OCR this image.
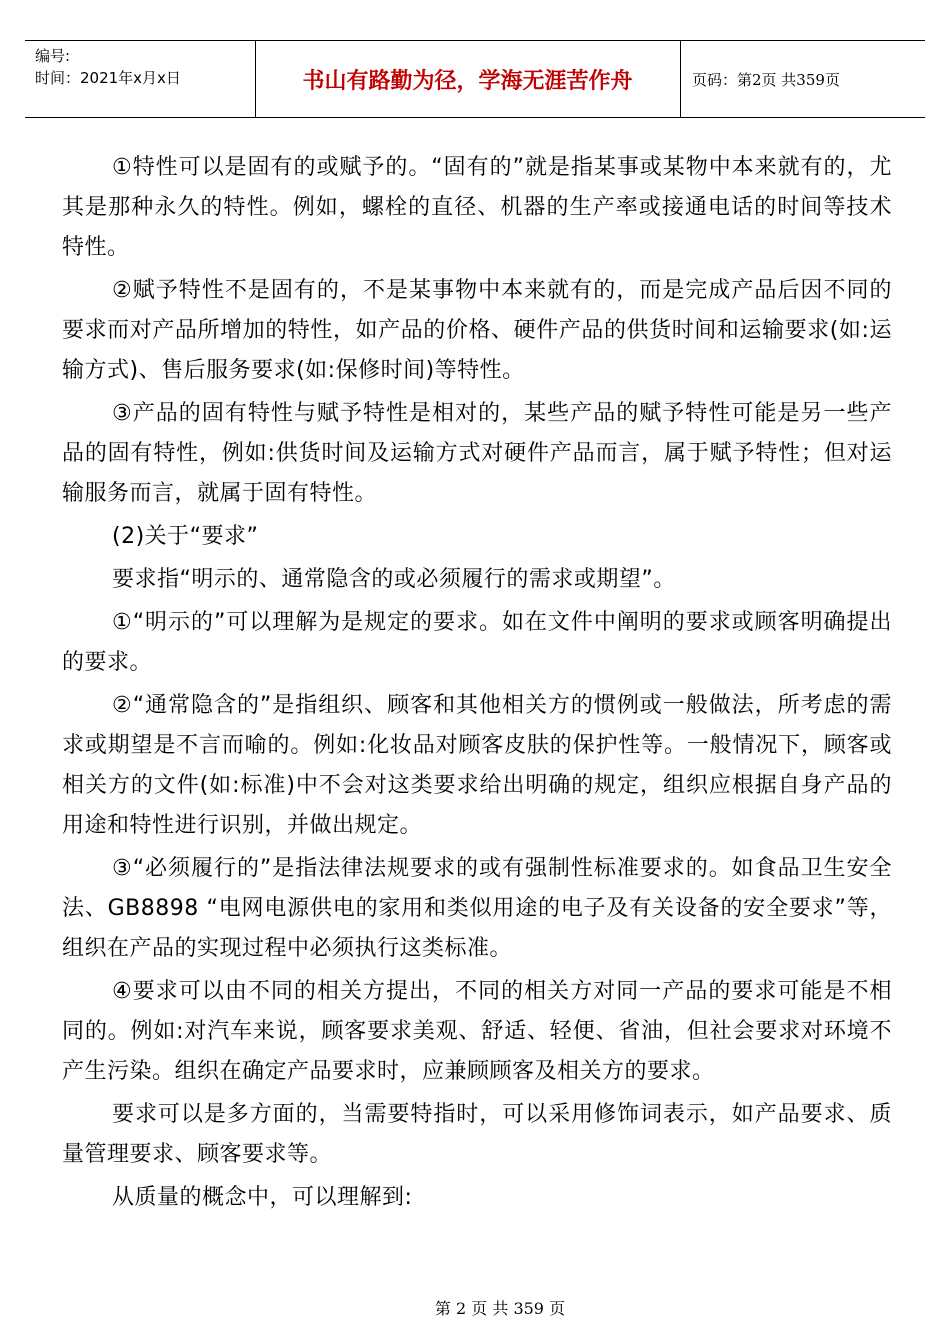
编号:
时间：2021年x月x日	书山有路勤为径，学海无涯苦作舟	页码：第2页 共359页

①特性可以是固有的或赋予的。“固有的”就是指某事或某物中本来就有的，尤其是那种永久的特性。例如，螺栓的直径、机器的生产率或接通电话的时间等技术特性。

②赋予特性不是固有的，不是某事物中本来就有的，而是完成产品后因不同的要求而对产品所增加的特性，如产品的价格、硬件产品的供货时间和运输要求(如:运输方式)、售后服务要求(如:保修时间)等特性。

③产品的固有特性与赋予特性是相对的，某些产品的赋予特性可能是另一些产品的固有特性，例如:供货时间及运输方式对硬件产品而言，属于赋予特性；但对运输服务而言，就属于固有特性。

(2)关于“要求”

要求指“明示的、通常隐含的或必须履行的需求或期望”。

①“明示的”可以理解为是规定的要求。如在文件中阐明的要求或顾客明确提出的要求。

②“通常隐含的”是指组织、顾客和其他相关方的惯例或一般做法，所考虑的需求或期望是不言而喻的。例如:化妆品对顾客皮肤的保护性等。一般情况下，顾客或相关方的文件(如:标准)中不会对这类要求给出明确的规定，组织应根据自身产品的用途和特性进行识别，并做出规定。

③“必须履行的”是指法律法规要求的或有强制性标准要求的。如食品卫生安全法、GB8898 “电网电源供电的家用和类似用途的电子及有关设备的安全要求”等，组织在产品的实现过程中必须执行这类标准。

④要求可以由不同的相关方提出，不同的相关方对同一产品的要求可能是不相同的。例如:对汽车来说，顾客要求美观、舒适、轻便、省油，但社会要求对环境不产生污染。组织在确定产品要求时，应兼顾顾客及相关方的要求。

要求可以是多方面的，当需要特指时，可以采用修饰词表示，如产品要求、质量管理要求、顾客要求等。

从质量的概念中，可以理解到:

第 2 页 共 359 页
